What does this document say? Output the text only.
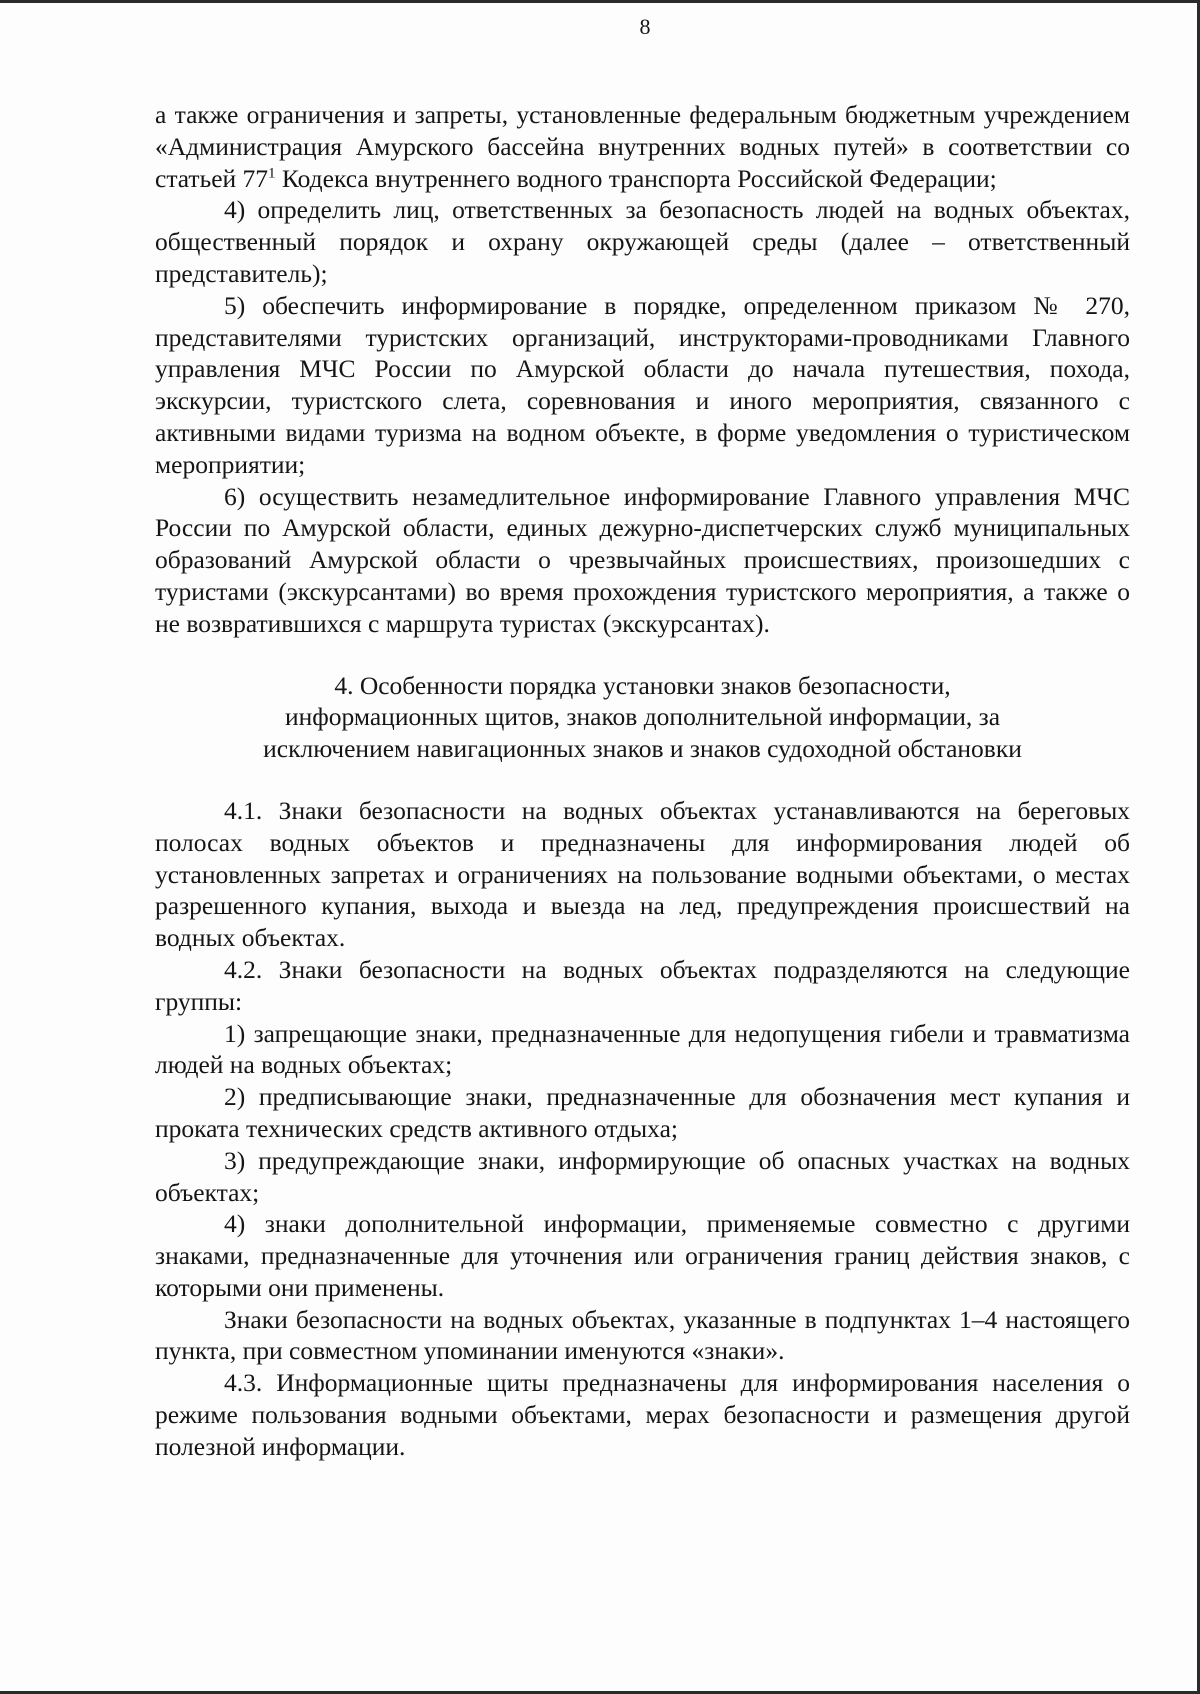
8

а также ограничения и запреты, установленные федеральным бюджетным учреждением «Администрация Амурского бассейна внутренних водных путей» в соответствии со статьей $77^1$ Кодекса внутреннего водного транспорта Российской Федерации;

4) определить лиц, ответственных за безопасность людей на водных объектах, общественный порядок и охрану окружающей среды (далее – ответственный представитель);

5) обеспечить информирование в порядке, определенном приказом № 270, представителями туристских организаций, инструкторами-проводниками Главного управления МЧС России по Амурской области до начала путешествия, похода, экскурсии, туристского слета, соревнования и иного мероприятия, связанного с активными видами туризма на водном объекте, в форме уведомления о туристическом мероприятии;

6) осуществить незамедлительное информирование Главного управления МЧС России по Амурской области, единых дежурно-диспетчерских служб муниципальных образований Амурской области о чрезвычайных происшествиях, произошедших с туристами (экскурсантами) во время прохождения туристского мероприятия, а также о не возвратившихся с маршрута туристах (экскурсантах).

4. Особенности порядка установки знаков безопасности,
информационных щитов, знаков дополнительной информации, за
исключением навигационных знаков и знаков судоходной обстановки

4.1. Знаки безопасности на водных объектах устанавливаются на береговых полосах водных объектов и предназначены для информирования людей об установленных запретах и ограничениях на пользование водными объектами, о местах разрешенного купания, выхода и выезда на лед, предупреждения происшествий на водных объектах.

4.2. Знаки безопасности на водных объектах подразделяются на следующие группы:

1) запрещающие знаки, предназначенные для недопущения гибели и травматизма людей на водных объектах;

2) предписывающие знаки, предназначенные для обозначения мест купания и проката технических средств активного отдыха;

3) предупреждающие знаки, информирующие об опасных участках на водных объектах;

4) знаки дополнительной информации, применяемые совместно с другими знаками, предназначенные для уточнения или ограничения границ действия знаков, с которыми они применены.

Знаки безопасности на водных объектах, указанные в подпунктах 1–4 настоящего пункта, при совместном упоминании именуются «знаки».

4.3. Информационные щиты предназначены для информирования населения о режиме пользования водными объектами, мерах безопасности и размещения другой полезной информации.
